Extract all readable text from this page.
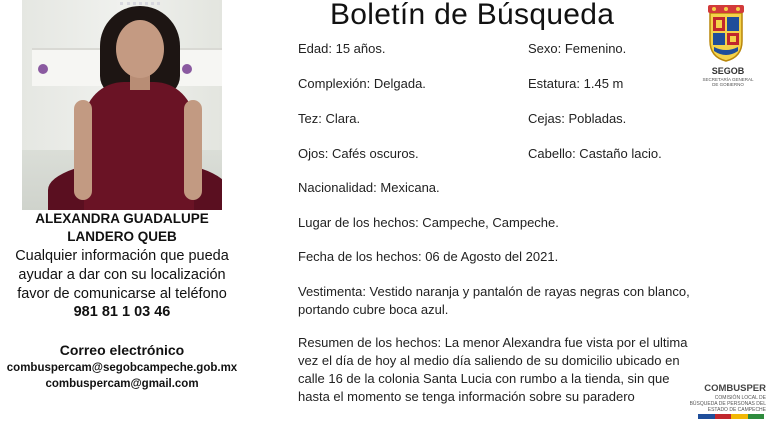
ALEXANDRA GUADALUPE
LANDERO QUEB
Cualquier información que pueda
ayudar a dar con su localización
favor de comunicarse al teléfono
981 81 1 03 46
Correo electrónico
combuspercam@segobcampeche.gob.mx
combuspercam@gmail.com
Boletín de Búsqueda
Edad: 15 años.	Sexo: Femenino.
Complexión: Delgada.	Estatura: 1.45 m
Tez: Clara.	Cejas: Pobladas.
Ojos: Cafés oscuros.	Cabello: Castaño lacio.
Nacionalidad: Mexicana.
Lugar de los hechos: Campeche, Campeche.
Fecha de los hechos: 06 de Agosto del 2021.
Vestimenta: Vestido naranja y pantalón de rayas negras con blanco,
portando cubre boca azul.
Resumen de los hechos: La menor Alexandra fue vista por el ultima
vez el día de hoy al medio día saliendo de su domicilio ubicado en
calle 16 de la colonia Santa Lucia con rumbo a la tienda, sin que
hasta el momento se tenga información sobre su paradero
SEGOB
SECRETARÍA GENERAL DE GOBIERNO
COMBUSPER
COMISIÓN LOCAL DE
BÚSQUEDA DE PERSONAS DEL
ESTADO DE CAMPECHE
